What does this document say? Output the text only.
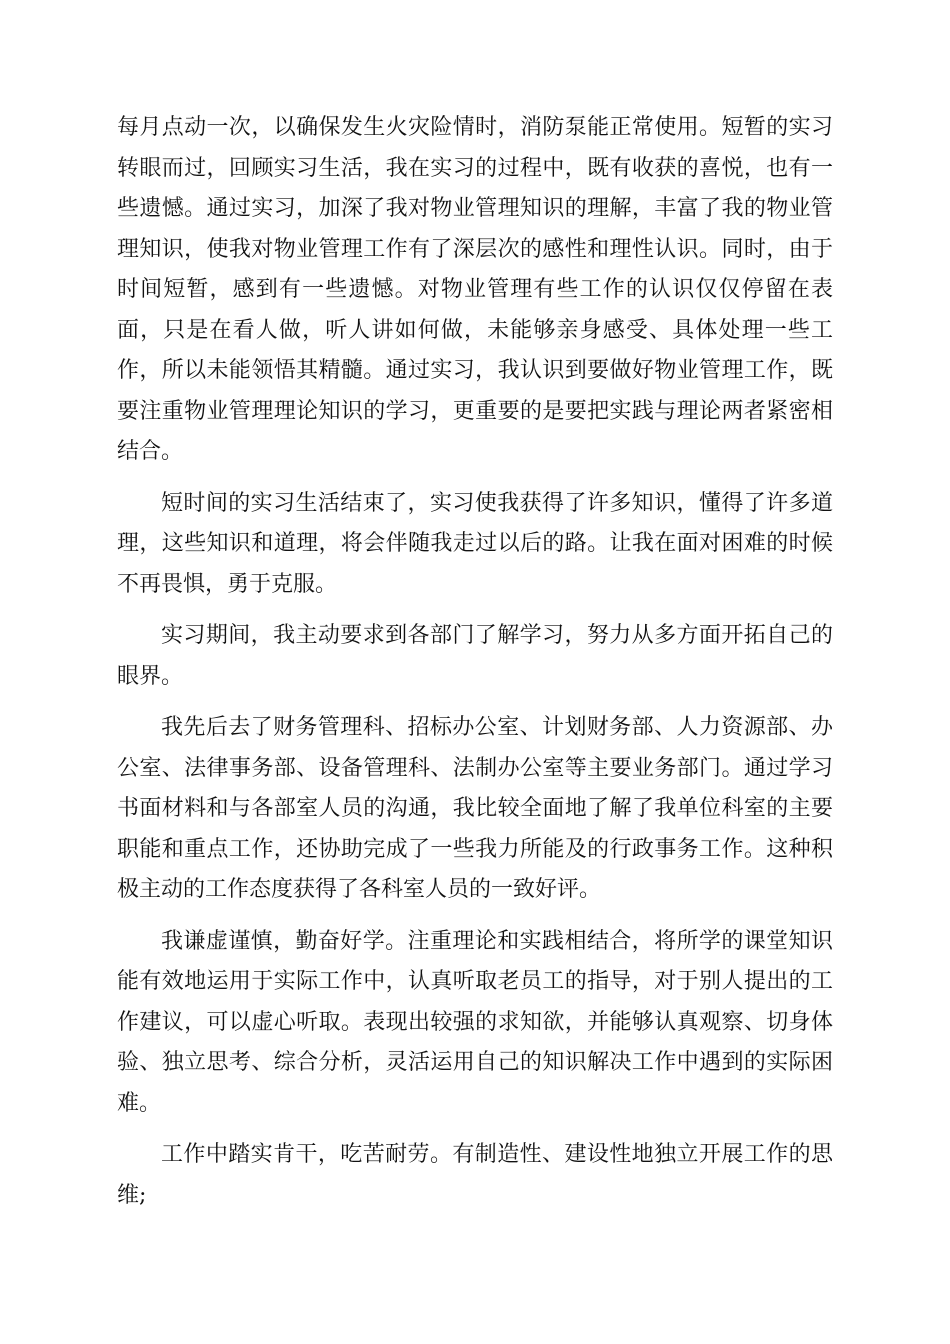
每月点动一次，以确保发生火灾险情时，消防泵能正常使用。短暂的实习转眼而过，回顾实习生活，我在实习的过程中，既有收获的喜悦，也有一些遗憾。通过实习，加深了我对物业管理知识的理解，丰富了我的物业管理知识，使我对物业管理工作有了深层次的感性和理性认识。同时，由于时间短暂，感到有一些遗憾。对物业管理有些工作的认识仅仅停留在表面，只是在看人做，听人讲如何做，未能够亲身感受、具体处理一些工作，所以未能领悟其精髓。通过实习，我认识到要做好物业管理工作，既要注重物业管理理论知识的学习，更重要的是要把实践与理论两者紧密相结合。

短时间的实习生活结束了，实习使我获得了许多知识，懂得了许多道理，这些知识和道理，将会伴随我走过以后的路。让我在面对困难的时候不再畏惧，勇于克服。

实习期间，我主动要求到各部门了解学习，努力从多方面开拓自己的眼界。

我先后去了财务管理科、招标办公室、计划财务部、人力资源部、办公室、法律事务部、设备管理科、法制办公室等主要业务部门。通过学习书面材料和与各部室人员的沟通，我比较全面地了解了我单位科室的主要职能和重点工作，还协助完成了一些我力所能及的行政事务工作。这种积极主动的工作态度获得了各科室人员的一致好评。

我谦虚谨慎，勤奋好学。注重理论和实践相结合，将所学的课堂知识能有效地运用于实际工作中，认真听取老员工的指导，对于别人提出的工作建议，可以虚心听取。表现出较强的求知欲，并能够认真观察、切身体验、独立思考、综合分析，灵活运用自己的知识解决工作中遇到的实际困难。

工作中踏实肯干，吃苦耐劳。有制造性、建设性地独立开展工作的思维;
